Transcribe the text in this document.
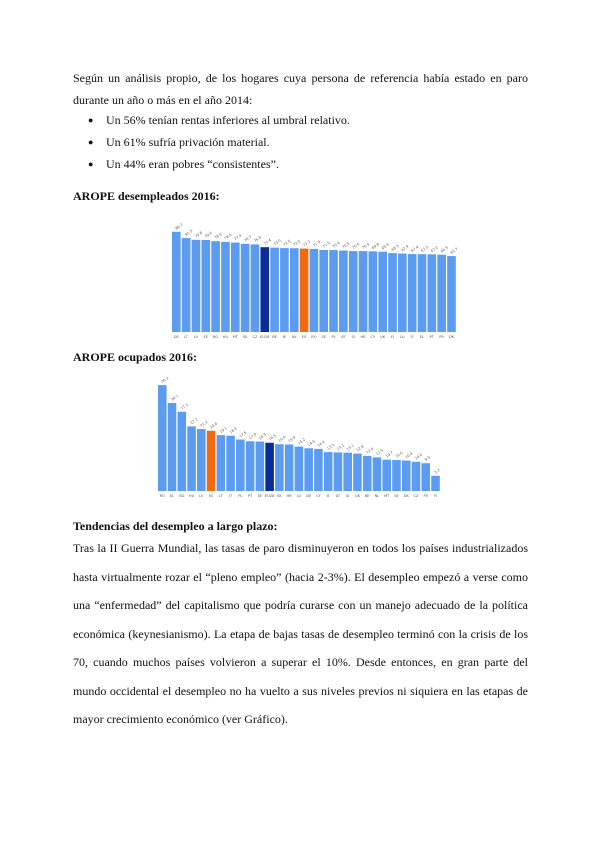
Según un análisis propio, de los hogares cuya persona de referencia había estado en paro durante un año o más en el año 2014:

● Un 56% tenían rentas inferiores al umbral relativo.
● Un 61% sufría privación material.
● Un 44% eran pobres “consistentes”.

AROPE desempleados 2016:

86.7
DE
81.3
LT
79.8
LV
79.6
EE
78.6
BG
78.0
HU
77.4
MT
76.3
SK
75.8
CZ
73.4
EU28
73.0
BE
72.6
IE
72.5
NL
72.2
ES
71.9
RO
71.0
SE
70.9
PL
70.5
AT
70.0
SI
70.0
HR
69.8
CY
69.5
UK
68.3
FI
67.9
LU
67.4
IT
67.3
EL
67.2
PT
66.9
FR
65.7
DK

AROPE ocupados 2016:

36.2
RO
30.1
EL
27.1
BG
22.1
HU
21.2
LV
20.6
ES
19.1
LT
18.9
IT
17.6
PL
17.0
PT
16.9
EE
16.5
EU28
16.0
SK
15.9
HR
15.2
LU
14.6
DE
14.4
CY
13.3
IE
13.2
AT
13.1
SI
12.8
UK
12.0
BE
11.5
NL
10.7
MT
10.6
SE
10.4
DK
10.0
CZ
9.5
FR
5.2
FI

Tendencias del desempleo a largo plazo:

Tras la II Guerra Mundial, las tasas de paro disminuyeron en todos los países industrializados
hasta virtualmente rozar el “pleno empleo” (hacia 2-3%). El desempleo empezó a verse como
una “enfermedad” del capitalismo que podría curarse con un manejo adecuado de la política
económica (keynesianismo). La etapa de bajas tasas de desempleo terminó con la crisis de los
70, cuando muchos países volvieron a superar el 10%. Desde entonces, en gran parte del
mundo occidental el desempleo no ha vuelto a sus niveles previos ni siquiera en las etapas de
mayor crecimiento económico (ver Gráfico).
